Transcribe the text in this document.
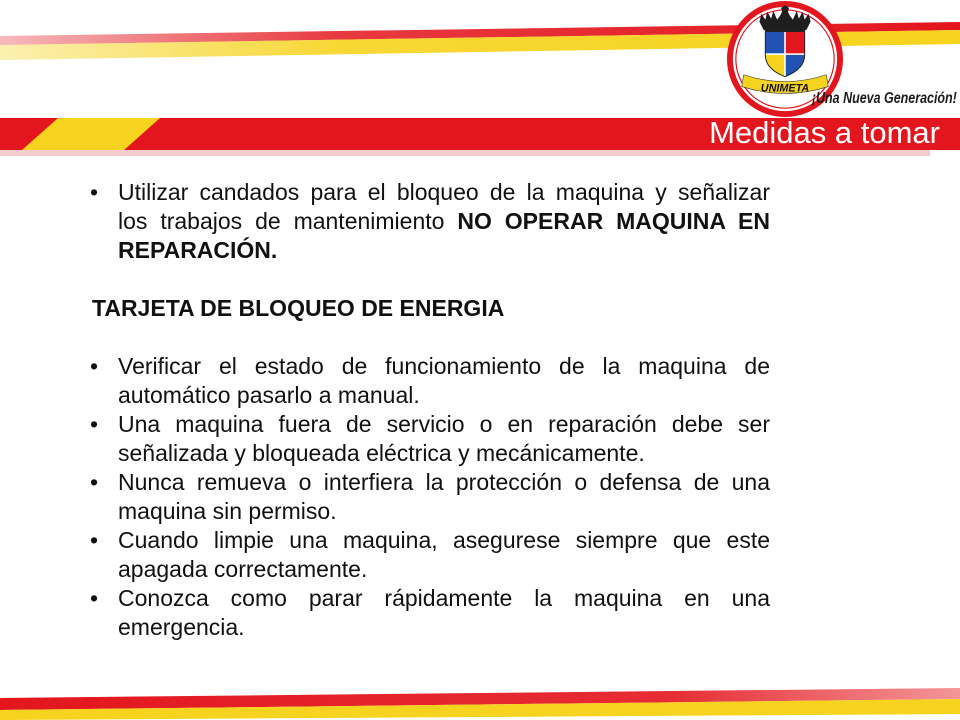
UNIMETA
¡Una Nueva Generación!
Medidas a tomar
• Utilizar candados para el bloqueo de la maquina y señalizar
los trabajos de mantenimiento NO OPERAR MAQUINA EN
REPARACIÓN.
TARJETA DE BLOQUEO DE ENERGIA
• Verificar el estado de funcionamiento de la maquina de
automático pasarlo a manual.
• Una maquina fuera de servicio o en reparación debe ser
señalizada y bloqueada eléctrica y mecánicamente.
• Nunca remueva o interfiera la protección o defensa de una
maquina sin permiso.
• Cuando limpie una maquina, asegurese siempre que este
apagada correctamente.
• Conozca como parar rápidamente la maquina en una
emergencia.
